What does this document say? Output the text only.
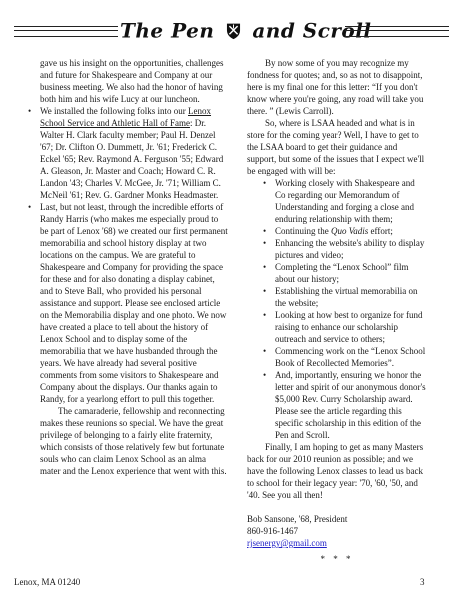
The Pen and Scroll

gave us his insight on the opportunities, challenges and future for Shakespeare and Company at our business meeting. We also had the honor of having both him and his wife Lucy at our luncheon.

• We installed the following folks into our Lenox School Service and Athletic Hall of Fame: Dr. Walter H. Clark faculty member; Paul H. Denzel '67; Dr. Clifton O. Dummett, Jr. '61; Frederick C. Eckel '65; Rev. Raymond A. Ferguson '55; Edward A. Gleason, Jr. Master and Coach; Howard C. R. Landon '43; Charles V. McGee, Jr. '71; William C. McNeil '61; Rev. G. Gardner Monks Headmaster.
• Last, but not least, through the incredible efforts of Randy Harris (who makes me especially proud to be part of Lenox '68) we created our first permanent memorabilia and school history display at two locations on the campus. We are grateful to Shakespeare and Company for providing the space for these and for also donating a display cabinet, and to Steve Ball, who provided his personal assistance and support. Please see enclosed article on the Memorabilia display and one photo. We now have created a place to tell about the history of Lenox School and to display some of the memorabilia that we have husbanded through the years. We have already had several positive comments from some visitors to Shakespeare and Company about the displays. Our thanks again to Randy, for a yearlong effort to pull this together.

The camaraderie, fellowship and reconnecting makes these reunions so special. We have the great privilege of belonging to a fairly elite fraternity, which consists of those relatively few but fortunate souls who can claim Lenox School as an alma mater and the Lenox experience that went with this.

By now some of you may recognize my fondness for quotes; and, so as not to disappoint, here is my final one for this letter: “If you don't know where you're going, any road will take you there. ” (Lewis Carroll).

So, where is LSAA headed and what is in store for the coming year? Well, I have to get to the LSAA board to get their guidance and support, but some of the issues that I expect we'll be engaged with will be:

• Working closely with Shakespeare and Co regarding our Memorandum of Understanding and forging a close and enduring relationship with them;
• Continuing the Quo Vadis effort;
• Enhancing the website's ability to display pictures and video;
• Completing the “Lenox School” film about our history;
• Establishing the virtual memorabilia on the website;
• Looking at how best to organize for fund raising to enhance our scholarship outreach and service to others;
• Commencing work on the “Lenox School Book of Recollected Memories”.
• And, importantly, ensuring we honor the letter and spirit of our anonymous donor's $5,000 Rev. Curry Scholarship award. Please see the article regarding this specific scholarship in this edition of the Pen and Scroll.

Finally, I am hoping to get as many Masters back for our 2010 reunion as possible; and we have the following Lenox classes to lead us back to school for their legacy year: '70, '60, '50, and '40. See you all then!

Bob Sansone, '68, President

860-916-1467

rjsenergy@gmail.com

* * *

Lenox, MA 01240	3
